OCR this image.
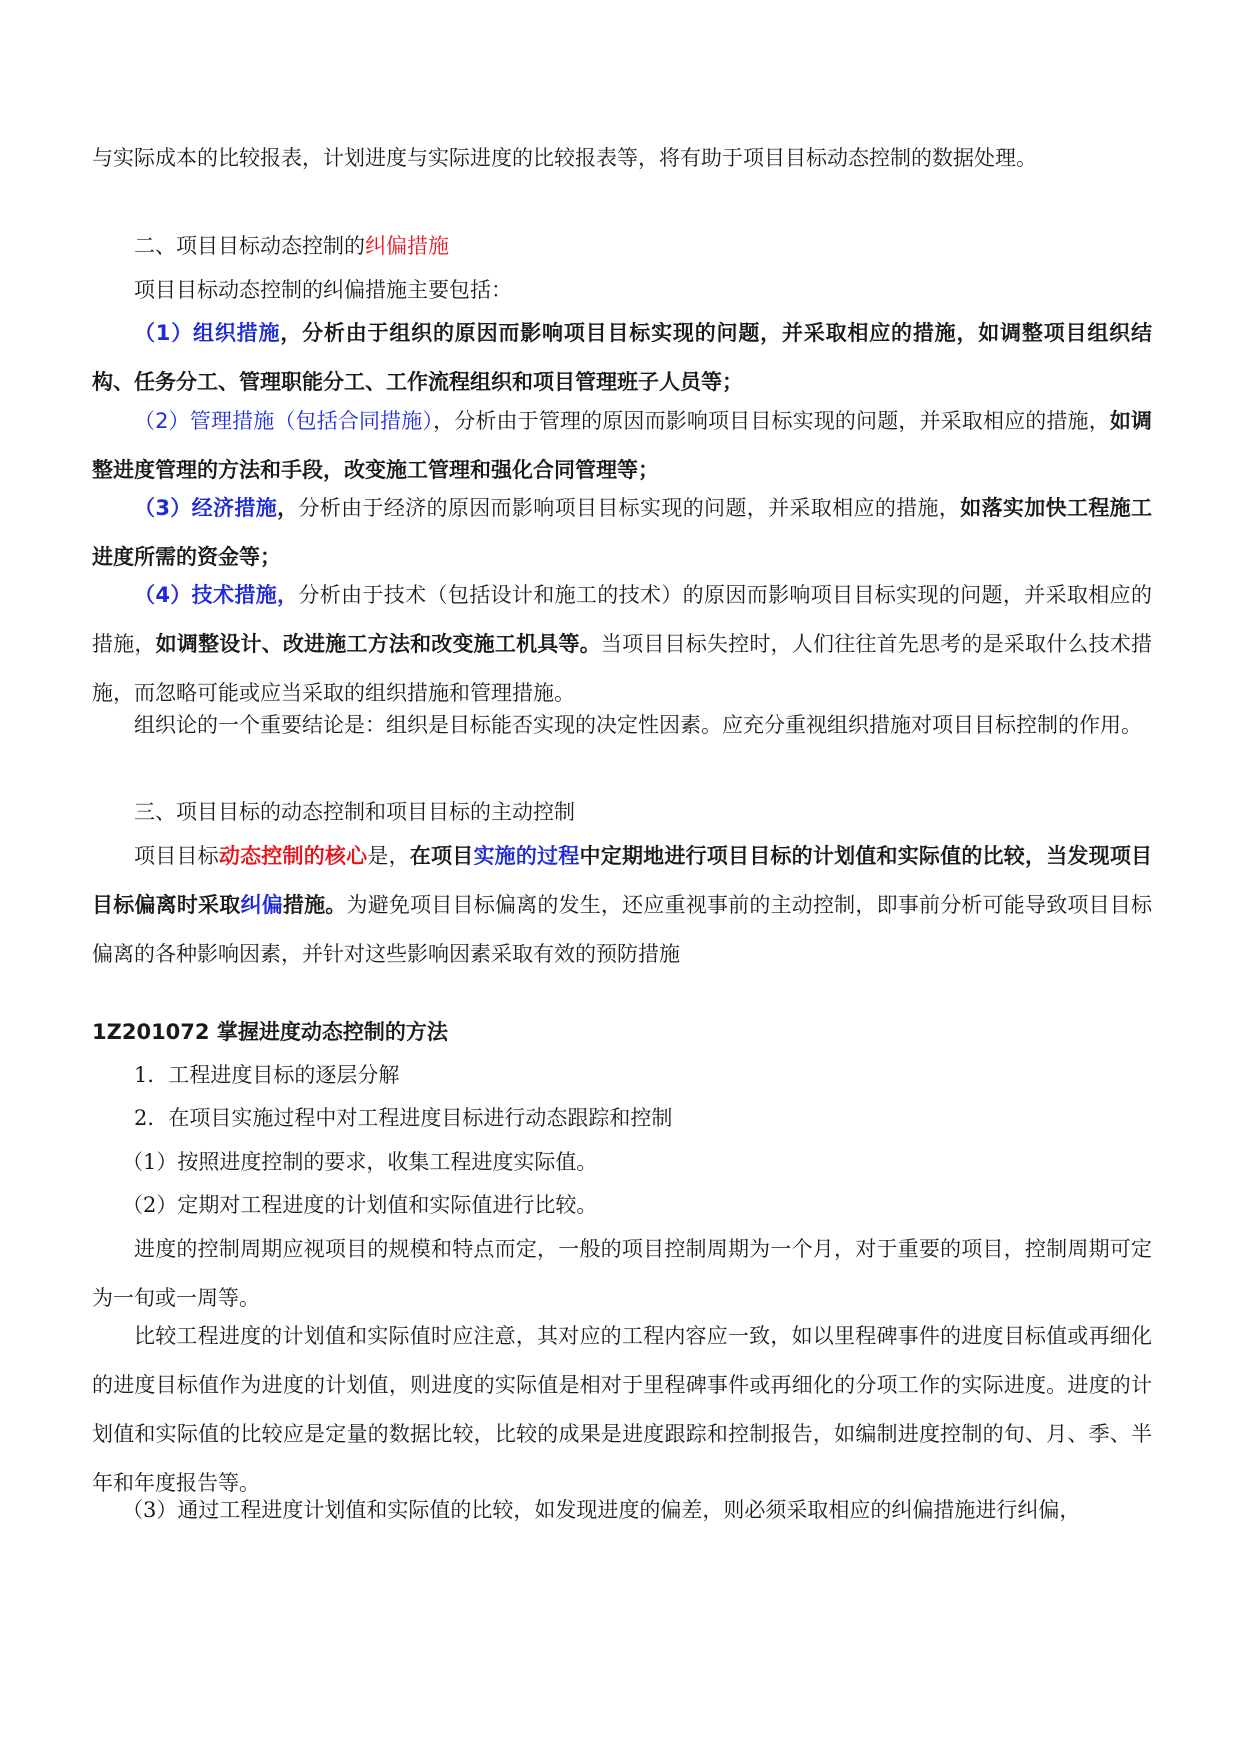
与实际成本的比较报表，计划进度与实际进度的比较报表等，将有助于项目目标动态控制的数据处理。

二、项目目标动态控制的纠偏措施

项目目标动态控制的纠偏措施主要包括：

（1）组织措施，分析由于组织的原因而影响项目目标实现的问题，并采取相应的措施，如调整项目组织结构、任务分工、管理职能分工、工作流程组织和项目管理班子人员等；

（2）管理措施（包括合同措施），分析由于管理的原因而影响项目目标实现的问题，并采取相应的措施，如调整进度管理的方法和手段，改变施工管理和强化合同管理等；

（3）经济措施，分析由于经济的原因而影响项目目标实现的问题，并采取相应的措施，如落实加快工程施工进度所需的资金等；

（4）技术措施，分析由于技术（包括设计和施工的技术）的原因而影响项目目标实现的问题，并采取相应的措施，如调整设计、改进施工方法和改变施工机具等。当项目目标失控时，人们往往首先思考的是采取什么技术措施，而忽略可能或应当采取的组织措施和管理措施。

组织论的一个重要结论是：组织是目标能否实现的决定性因素。应充分重视组织措施对项目目标控制的作用。

三、项目目标的动态控制和项目目标的主动控制

项目目标动态控制的核心是，在项目实施的过程中定期地进行项目目标的计划值和实际值的比较，当发现项目目标偏离时采取纠偏措施。为避免项目目标偏离的发生，还应重视事前的主动控制，即事前分析可能导致项目目标偏离的各种影响因素，并针对这些影响因素采取有效的预防措施

1Z201072 掌握进度动态控制的方法

1．工程进度目标的逐层分解

2．在项目实施过程中对工程进度目标进行动态跟踪和控制

（1）按照进度控制的要求，收集工程进度实际值。

（2）定期对工程进度的计划值和实际值进行比较。

进度的控制周期应视项目的规模和特点而定，一般的项目控制周期为一个月，对于重要的项目，控制周期可定为一旬或一周等。

比较工程进度的计划值和实际值时应注意，其对应的工程内容应一致，如以里程碑事件的进度目标值或再细化的进度目标值作为进度的计划值，则进度的实际值是相对于里程碑事件或再细化的分项工作的实际进度。进度的计划值和实际值的比较应是定量的数据比较，比较的成果是进度跟踪和控制报告，如编制进度控制的旬、月、季、半年和年度报告等。

（3）通过工程进度计划值和实际值的比较，如发现进度的偏差，则必须采取相应的纠偏措施进行纠偏，
